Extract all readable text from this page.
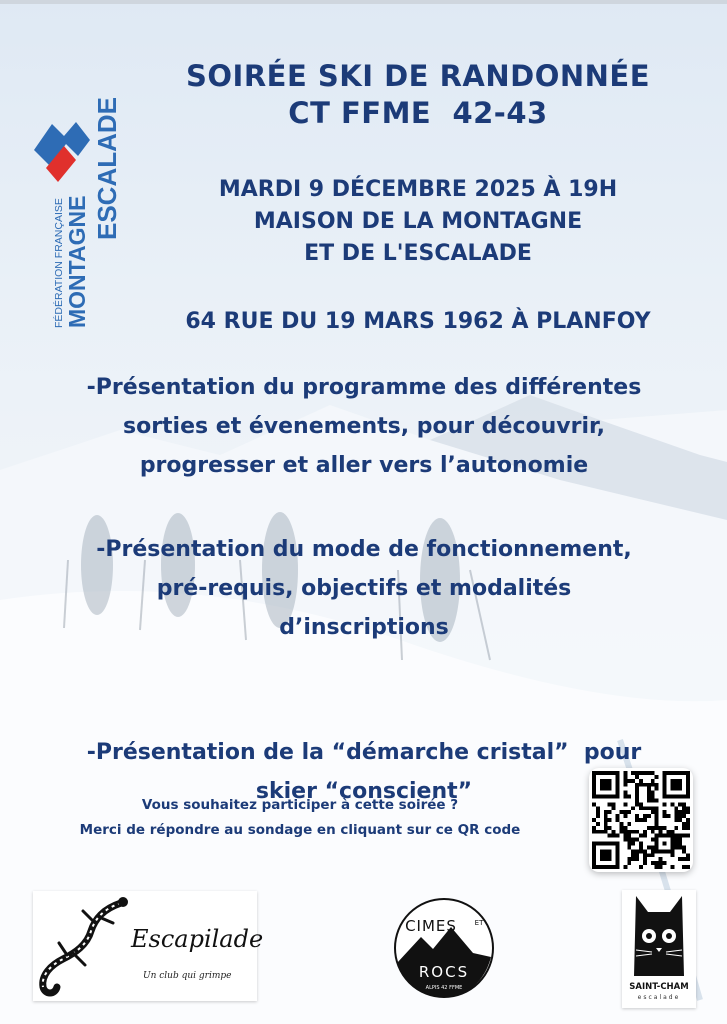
FÉDÉRATION FRANÇAISE MONTAGNE
ESCALADE
SOIRÉE SKI DE RANDONNÉE
CT FFME  42-43

MARDI 9 DÉCEMBRE 2025 À 19H
MAISON DE LA MONTAGNE
ET DE L'ESCALADE

64 RUE DU 19 MARS 1962 À PLANFOY

-Présentation du programme des différentes
sorties et évenements, pour découvrir,
progresser et aller vers l’autonomie

-Présentation du mode de fonctionnement,
pré-requis, objectifs et modalités
d’inscriptions

-Présentation de la “démarche cristal”  pour
skier “conscient”

Vous souhaitez participer à cette soirée ?
Merci de répondre au sondage en cliquant sur ce QR code

Escapilade
Un club qui grimpe
CIMES	ET
ROCS
ALPIS 42 FFME	SAINT-CHAM
escalade
